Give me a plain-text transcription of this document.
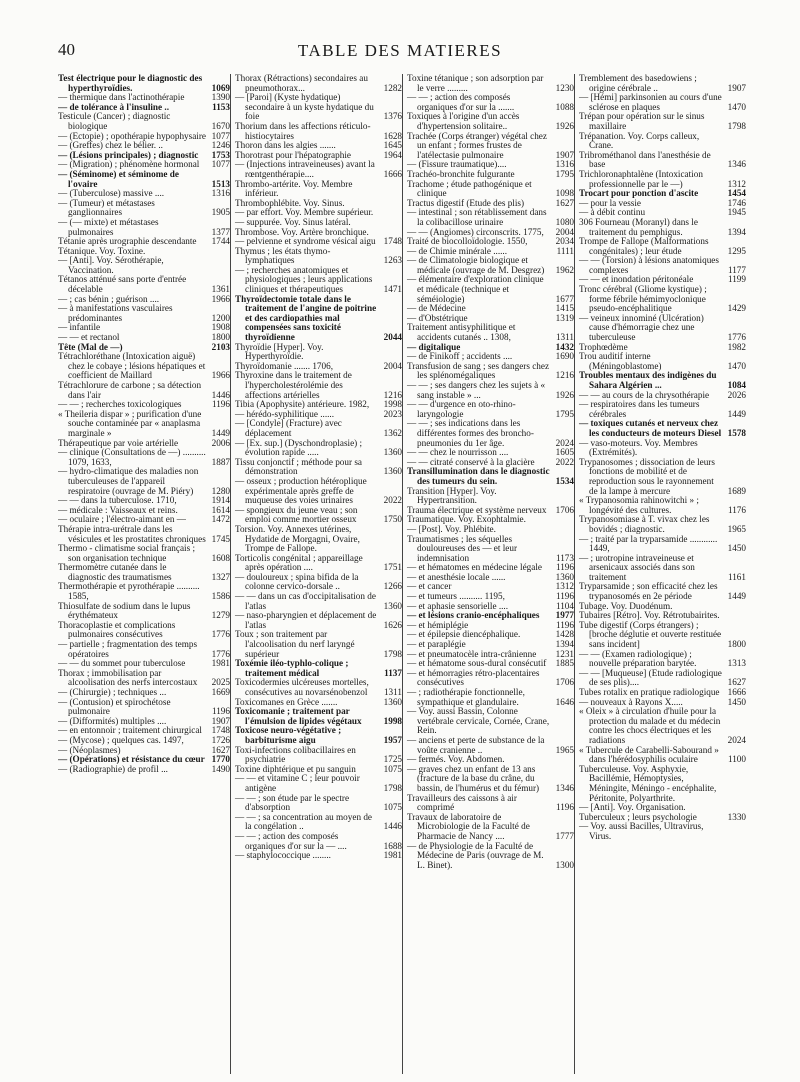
40	TABLE DES MATIERES
Test électrique pour le diagnostic des hyperthyroïdies.	1069
— thermique dans l'actinothérapie	1390
— de tolérance à l'insuline ..	1153
Testicule (Cancer) ; diagnostic biologique	1670
— (Ectopie) ; opothérapie hypophysaire 1077
— (Greffes) chez le bélier. ..	1246
— (Lésions principales) ; diagnostic	1753
— (Migration) ; phénomène hormonal	1077
— (Séminome) et séminome de l'ovaire	1513
— (Tuberculose) massive ....	1316
— (Tumeur) et métastases ganglionnaires	1905
— (— mixte) et métastases pulmonaires	1377
Tétanie après urographie descendante	1744
Tétanique. Voy. Toxine.
— [Anti]. Voy. Sérothérapie, Vaccination.
Tétanos atténué sans porte d'entrée décelable	1361
— ; cas bénin ; guérison ....	1966
— à manifestations vasculaires prédominantes	1200
— infantile	1908
— — et rectanol	1800
Tête (Mal de —)	2103
Tétrachloréthane (Intoxication aiguë) chez le cobaye ; lésions hépatiques et coefficient de Maillard	1966
Tétrachlorure de carbone ; sa détection dans l'air	1446
— — ; recherches toxicologiques	1196
« Theileria dispar » ; purification d'une souche contaminée par « anaplasma marginale »	1449
Thérapeutique par voie artérielle	2006
— clinique (Consultations de —) .......... 1079, 1633,	1887
— hydro-climatique des maladies non tuberculeuses de l'appareil respiratoire (ouvrage de M. Piéry)	1280
— — dans la tuberculose. 1710,	1914
— médicale : Vaisseaux et reins.	1614
— oculaire ; l'électro-aimant en —	1472
Thérapie intra-urétrale dans les vésicules et les prostatites chroniques 1745
Thermo - climatisme social français ; son organisation technique	1608
Thermomètre cutanée dans le diagnostic des traumatismes	1327
Thermothérapie et pyrothérapie .......... 1585,	1586
Thiosulfate de sodium dans le lupus érythémateux	1279
Thoracoplastie et complications pulmonaires consécutives	1776
— partielle ; fragmentation des temps opératoires	1776
— — du sommet pour tuberculose	1981
Thorax ; immobilisation par alcoolisation des nerfs intercostaux	2025
— (Chirurgie) ; techniques ...	1669
— (Contusion) et spirochétose pulmonaire	1196
— (Difformités) multiples ....	1907
— en entonnoir ; traitement chirurgical	1748
— (Mycose) ; quelques cas. 1497,	1726
— (Néoplasmes)	1627
— (Opérations) et résistance du cœur 1770
— (Radiographie) de profil ...	1490
Thorax (Rétractions) secondaires au pneumothorax...	1282
— [Paroi] (Kyste hydatique) secondaire à un kyste hydatique du foie	1376
Thorium dans les affections réticulo-histiocytaires	1628
Thoron dans les algies .......	1645
Thorotrast pour l'hépatographie	1964
— (Injections intraveineuses) avant la rœntgenthérapie....	1666
Thrombo-artérite. Voy. Membre inférieur.
Thrombophlébite. Voy. Sinus.
— par effort. Voy. Membre supérieur.
— suppurée. Voy. Sinus latéral.
Thrombose. Voy. Artère bronchique.
— pelvienne et syndrome vésical aigu 1748
Thymus ; les états thymo-lymphatiques	1263
— ; recherches anatomiques et physiologiques ; leurs applications cliniques et thérapeutiques	1471
Thyroïdectomie totale dans le traitement de l'angine de poitrine et des cardiopathies mal compensées sans toxicité thyroïdienne	2044
Thyroïdie [Hyper]. Voy. Hyperthyroïdie.
Thyroïdomanie ....... 1706,	2004
Thyroxine dans le traitement de l'hypercholestérolémie des affections artérielles	1216
Tibia (Apophysite) antérieure. 1982,	1998
— hérédo-syphilitique ......	2023
— [Condyle] (Fracture) avec déplacement	1362
— [Ex. sup.] (Dyschondroplasie) ; évolution rapide .....	1360
Tissu conjonctif ; méthode pour sa démonstration	1360
— osseux ; production hétéroplique expérimentale après greffe de muqueuse des voies urinaires	2022
— spongieux du jeune veau ; son emploi comme mortier osseux	1750
Torsion. Voy. Annexes utérines, Hydatide de Morgagni, Ovaire, Trompe de Fallope.
Torticolis congénital ; appareillage après opération ....	1751
— douloureux ; spina bifida de la colonne cervico-dorsale ..	1266
— — dans un cas d'occipitalisation de l'atlas	1360
— naso-pharyngien et déplacement de l'atlas	1626
Toux ; son traitement par l'alcoolisation du nerf laryngé supérieur	1798
Toxémie iléo-typhlo-colique ; traitement médical	1137
Toxicodermies ulcéreuses mortelles, consécutives au novarsénobenzol	1311
Toxicomanes en Grèce .......	1360
Toxicomanie ; traitement par l'émulsion de lipides végétaux	1998
Toxicose neuro-végétative ; barbiturisme aigu	1957
Toxi-infections colibacillaires en psychiatrie	1725
Toxine diphtérique et pu sanguin	1075
— — et vitamine C ; leur pouvoir antigène	1798
— — ; son étude par le spectre d'absorption	1075
— — ; sa concentration au moyen de la congélation ..	1446
— — ; action des composés organiques d'or sur la — ....	1688
— staphylococcique ........	1981
Toxine tétanique ; son adsorption par le verre .........	1230
— — ; action des composés organiques d'or sur la .......	1088
Toxiques à l'origine d'un accès d'hypertension solitaire..	1926
Trachée (Corps étranger) végétal chez un enfant ; formes frustes de l'atélectasie pulmonaire	1907
— (Fissure traumatique)....	1316
Trachéo-bronchite fulgurante	1795
Trachome ; étude pathogénique et clinique	1098
Tractus digestif (Etude des plis)	1627
— intestinal ; son rétablissement dans la colibacillose urinaire	1080
— — (Angiomes) circonscrits. 1775,	2004
Traité de biocolloïdologie. 1550,	2034
— de Chimie minérale ......	1111
— de Climatologie biologique et médicale (ouvrage de M. Desgrez)	1962
— élémentaire d'exploration clinique et médicale (technique et séméiologie)	1677
— de Médecine	1415
— d'Obstétrique	1319
Traitement antisyphilitique et accidents cutanés .. 1308,	1311
— digitalique	1432
— de Finikoff ; accidents ....	1690
Transfusion de sang ; ses dangers chez les splénomégaliques	1216
— — ; ses dangers chez les sujets à « sang instable » ...	1926
— — d'urgence en oto-rhino-laryngologie	1795
— — ; ses indications dans les différentes formes des broncho-pneumonies du 1er âge.	2024
— — chez le nourrisson ....	1605
— — citraté conservé à la glacière	2022
Transillumination dans le diagnostic des tumeurs du sein.	1534
Transition [Hyper]. Voy. Hypertransition.
Trauma électrique et système nerveux 1706
Traumatique. Voy. Exophtalmie.
— [Post]. Voy. Phlébite.
Traumatismes ; les séquelles douloureuses des — et leur indemnisation	1173
— et hématomes en médecine légale	1196
— et anesthésie locale ......	1360
— et cancer	1312
— et tumeurs .......... 1195,	1196
— et aphasie sensorielle ....	1104
— et lésions cranio-encéphaliques	1977
— et hémiplégie	1196
— et épilepsie diencéphalique.	1428
— et paraplégie	1394
— et pneumatocèle intra-crânienne	1231
— et hématome sous-dural consécutif	1885
— et hémorragies rétro-placentaires consécutives	1706
— ; radiothérapie fonctionnelle, sympathique et glandulaire.	1646
— Voy. aussi Bassin, Colonne vertébrale cervicale, Cornée, Crane, Rein.
— anciens et perte de substance de la voûte cranienne ..	1965
— fermés. Voy. Abdomen.
— graves chez un enfant de 13 ans (fracture de la base du crâne, du bassin, de l'humérus et du fémur)	1346
Travailleurs des caissons à air comprimé	1196
Travaux de laboratoire de Microbiologie de la Faculté de Pharmacie de Nancy ....	1777
— de Physiologie de la Faculté de Médecine de Paris (ouvrage de M. L. Binet).	1300
Tremblement des basedowiens ; origine cérébrale ..	1907
— [Hémi] parkinsonien au cours d'une sclérose en plaques	1470
Trépan pour opération sur le sinus maxillaire	1798
Trépanation. Voy. Corps calleux, Crane.
Tribrométhanol dans l'anesthésie de base	1346
Trichloronaphtalène (Intoxication professionnelle par le —)	1312
Trocart pour ponction d'ascite	1454
— pour la vessie	1746
— à débit continu	1945
306 Fourneau (Moranyl) dans le traitement du pemphigus.	1394
Trompe de Fallope (Malformations congénitales) ; leur étude	1295
— — (Torsion) à lésions anatomiques complexes	1177
— — et inondation péritonéale	1199
Tronc cérébral (Gliome kystique) ; forme fébrile hémimyoclonique pseudo-encéphalitique	1429
— veineux innominé (Ulcération) cause d'hémorragie chez une tuberculeuse	1776
Trophœdème	1982
Trou auditif interne (Méningoblastome)	1470
Troubles mentaux des indigènes du Sahara Algérien ...	1084
— — au cours de la chrysothérapie	2026
— respiratoires dans les tumeurs cérébrales	1449
— toxiques cutanés et nerveux chez les conducteurs de moteurs Diesel 1578
— vaso-moteurs. Voy. Membres (Extrémités).
Trypanosomes ; dissociation de leurs fonctions de mobilité et de reproduction sous le rayonnement de la lampe à mercure	1689
« Trypanosomia rahinowitchi » ; longévité des cultures.	1176
Trypanosomiase à T. vivax chez les bovidés ; diagnostic.	1965
— ; traité par la tryparsamide ............ 1449,	1450
— ; urotropine intraveineuse et arsenicaux associés dans son traitement	1161
Tryparsamide ; son efficacité chez les trypanosomés en 2e période	1449
Tubage. Voy. Duodénum.
Tubaires [Rétro]. Voy. Rétrotubairites.
Tube digestif (Corps étrangers) ; [broche déglutie et ouverte restituée sans incident]	1800
— — (Examen radiologique) ; nouvelle préparation barytée.	1313
— — [Muqueuse] (Etude radiologique de ses plis)....	1627
Tubes rotalix en pratique radiologique 1666
— nouveaux à Rayons X.....	1450
« Oleix » à circulation d'huile pour la protection du malade et du médecin contre les chocs électriques et les radiations	2024
« Tubercule de Carabelli-Sabourand » dans l'hérédosyphilis oculaire	1100
Tuberculeuse. Voy. Asphyxie, Bacillémie, Hémoptysies, Méningite, Méningo - encéphalite, Péritonite, Polyarthrite.
— [Anti]. Voy. Organisation.
Tuberculeux ; leurs psychologie	1330
— Voy. aussi Bacilles, Ultravirus, Virus.
